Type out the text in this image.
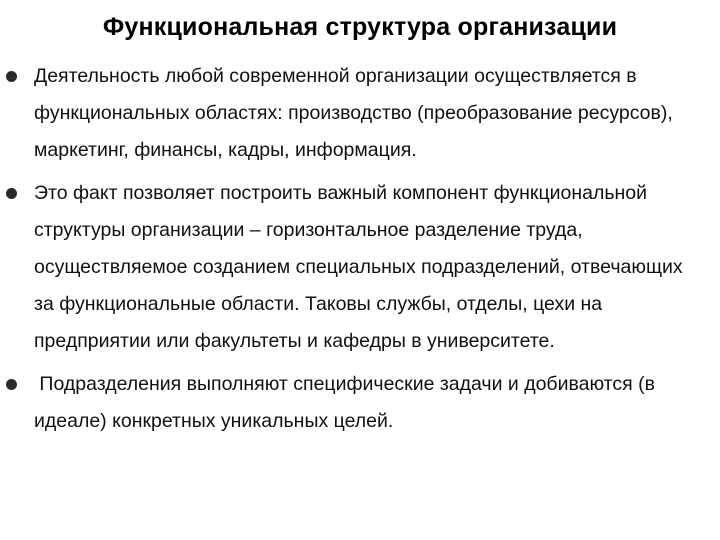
Функциональная структура организации
Деятельность любой современной организации осуществляется в функциональных областях: производство (преобразование ресурсов), маркетинг, финансы, кадры, информация.
Это факт позволяет построить важный компонент функциональной структуры организации – горизонтальное разделение труда, осуществляемое созданием специальных подразделений, отвечающих за функциональные области. Таковы службы, отделы, цехи на предприятии или факультеты и кафедры в университете.
Подразделения выполняют специфические задачи и добиваются (в идеале) конкретных уникальных целей.
